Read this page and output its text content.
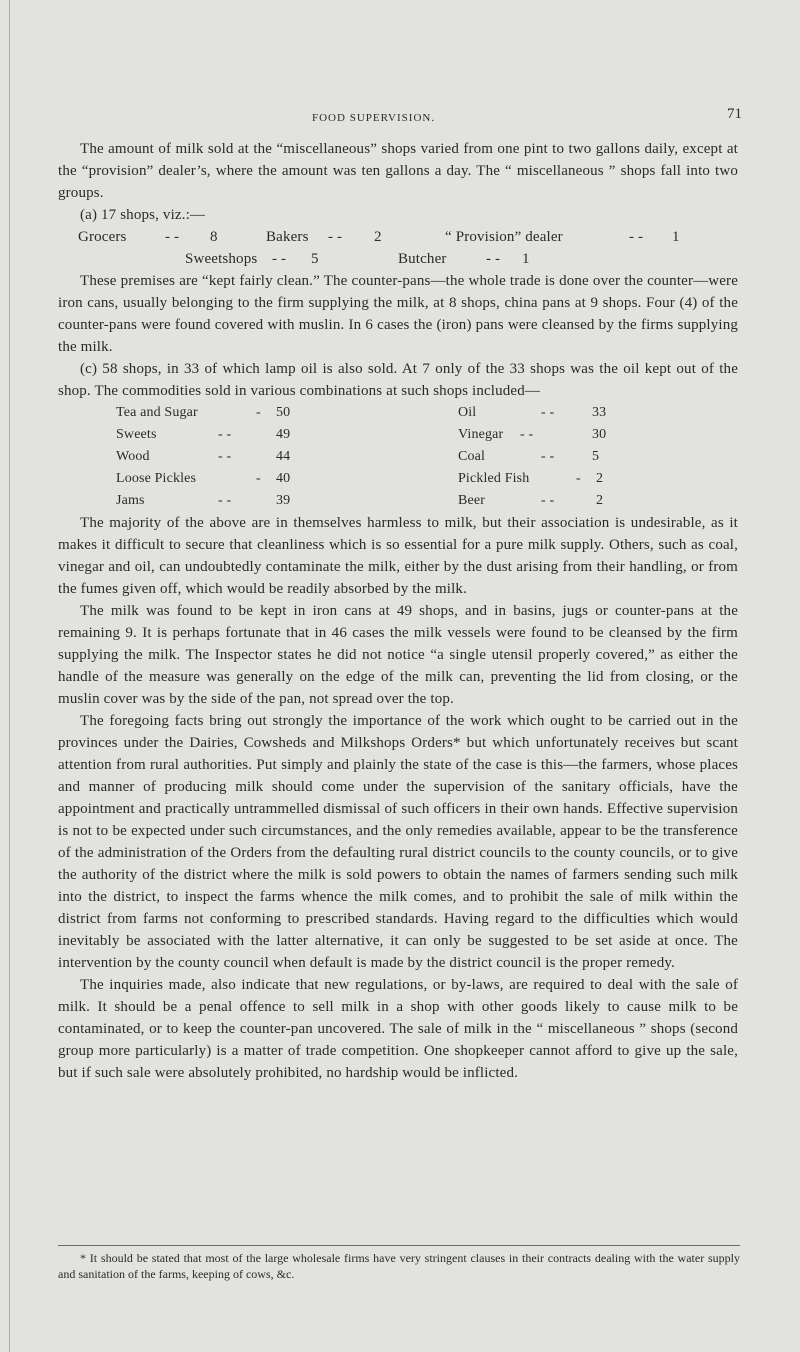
FOOD SUPERVISION.	71

The amount of milk sold at the “miscellaneous” shops varied from one pint to two gallons daily, except at the “provision” dealer’s, where the amount was ten gallons a day. The “ miscellaneous ” shops fall into two groups.

(a) 17 shops, viz.:—

Grocers	- - 8	Bakers - - 2	“ Provision” dealer	- - 1
Sweetshops - - 5	Butcher	- - 1

These premises are “kept fairly clean.” The counter-pans—the whole trade is done over the counter—were iron cans, usually belonging to the firm supplying the milk, at 8 shops, china pans at 9 shops. Four (4) of the counter-pans were found covered with muslin. In 6 cases the (iron) pans were cleansed by the firms supplying the milk.

(c) 58 shops, in 33 of which lamp oil is also sold. At 7 only of the 33 shops was the oil kept out of the shop. The commodities sold in various combinations at such shops included—

Tea and Sugar	- 50	Oil	- -	33
Sweets	- -	49	Vinegar - -	30
Wood	- -	44	Coal	- -	5
Loose Pickles	- 40	Pickled Fish	- 2
Jams	- -	39	Beer	- -	2

The majority of the above are in themselves harmless to milk, but their association is undesirable, as it makes it difficult to secure that cleanliness which is so essential for a pure milk supply. Others, such as coal, vinegar and oil, can undoubtedly contaminate the milk, either by the dust arising from their handling, or from the fumes given off, which would be readily absorbed by the milk.

The milk was found to be kept in iron cans at 49 shops, and in basins, jugs or counter-pans at the remaining 9. It is perhaps fortunate that in 46 cases the milk vessels were found to be cleansed by the firm supplying the milk. The Inspector states he did not notice “a single utensil properly covered,” as either the handle of the measure was generally on the edge of the milk can, preventing the lid from closing, or the muslin cover was by the side of the pan, not spread over the top.

The foregoing facts bring out strongly the importance of the work which ought to be carried out in the provinces under the Dairies, Cowsheds and Milkshops Orders* but which unfortunately receives but scant attention from rural authorities. Put simply and plainly the state of the case is this—the farmers, whose places and manner of producing milk should come under the supervision of the sanitary officials, have the appointment and practically untrammelled dismissal of such officers in their own hands. Effective supervision is not to be expected under such circumstances, and the only remedies available, appear to be the transference of the administration of the Orders from the defaulting rural district councils to the county councils, or to give the authority of the district where the milk is sold powers to obtain the names of farmers sending such milk into the district, to inspect the farms whence the milk comes, and to prohibit the sale of milk within the district from farms not conforming to prescribed standards. Having regard to the difficulties which would inevitably be associated with the latter alternative, it can only be suggested to be set aside at once. The intervention by the county council when default is made by the district council is the proper remedy.

The inquiries made, also indicate that new regulations, or by-laws, are required to deal with the sale of milk. It should be a penal offence to sell milk in a shop with other goods likely to cause milk to be contaminated, or to keep the counter-pan uncovered. The sale of milk in the “ miscellaneous ” shops (second group more particularly) is a matter of trade competition. One shopkeeper cannot afford to give up the sale, but if such sale were absolutely prohibited, no hardship would be inflicted.

* It should be stated that most of the large wholesale firms have very stringent clauses in their contracts dealing with the water supply and sanitation of the farms, keeping of cows, &c.
